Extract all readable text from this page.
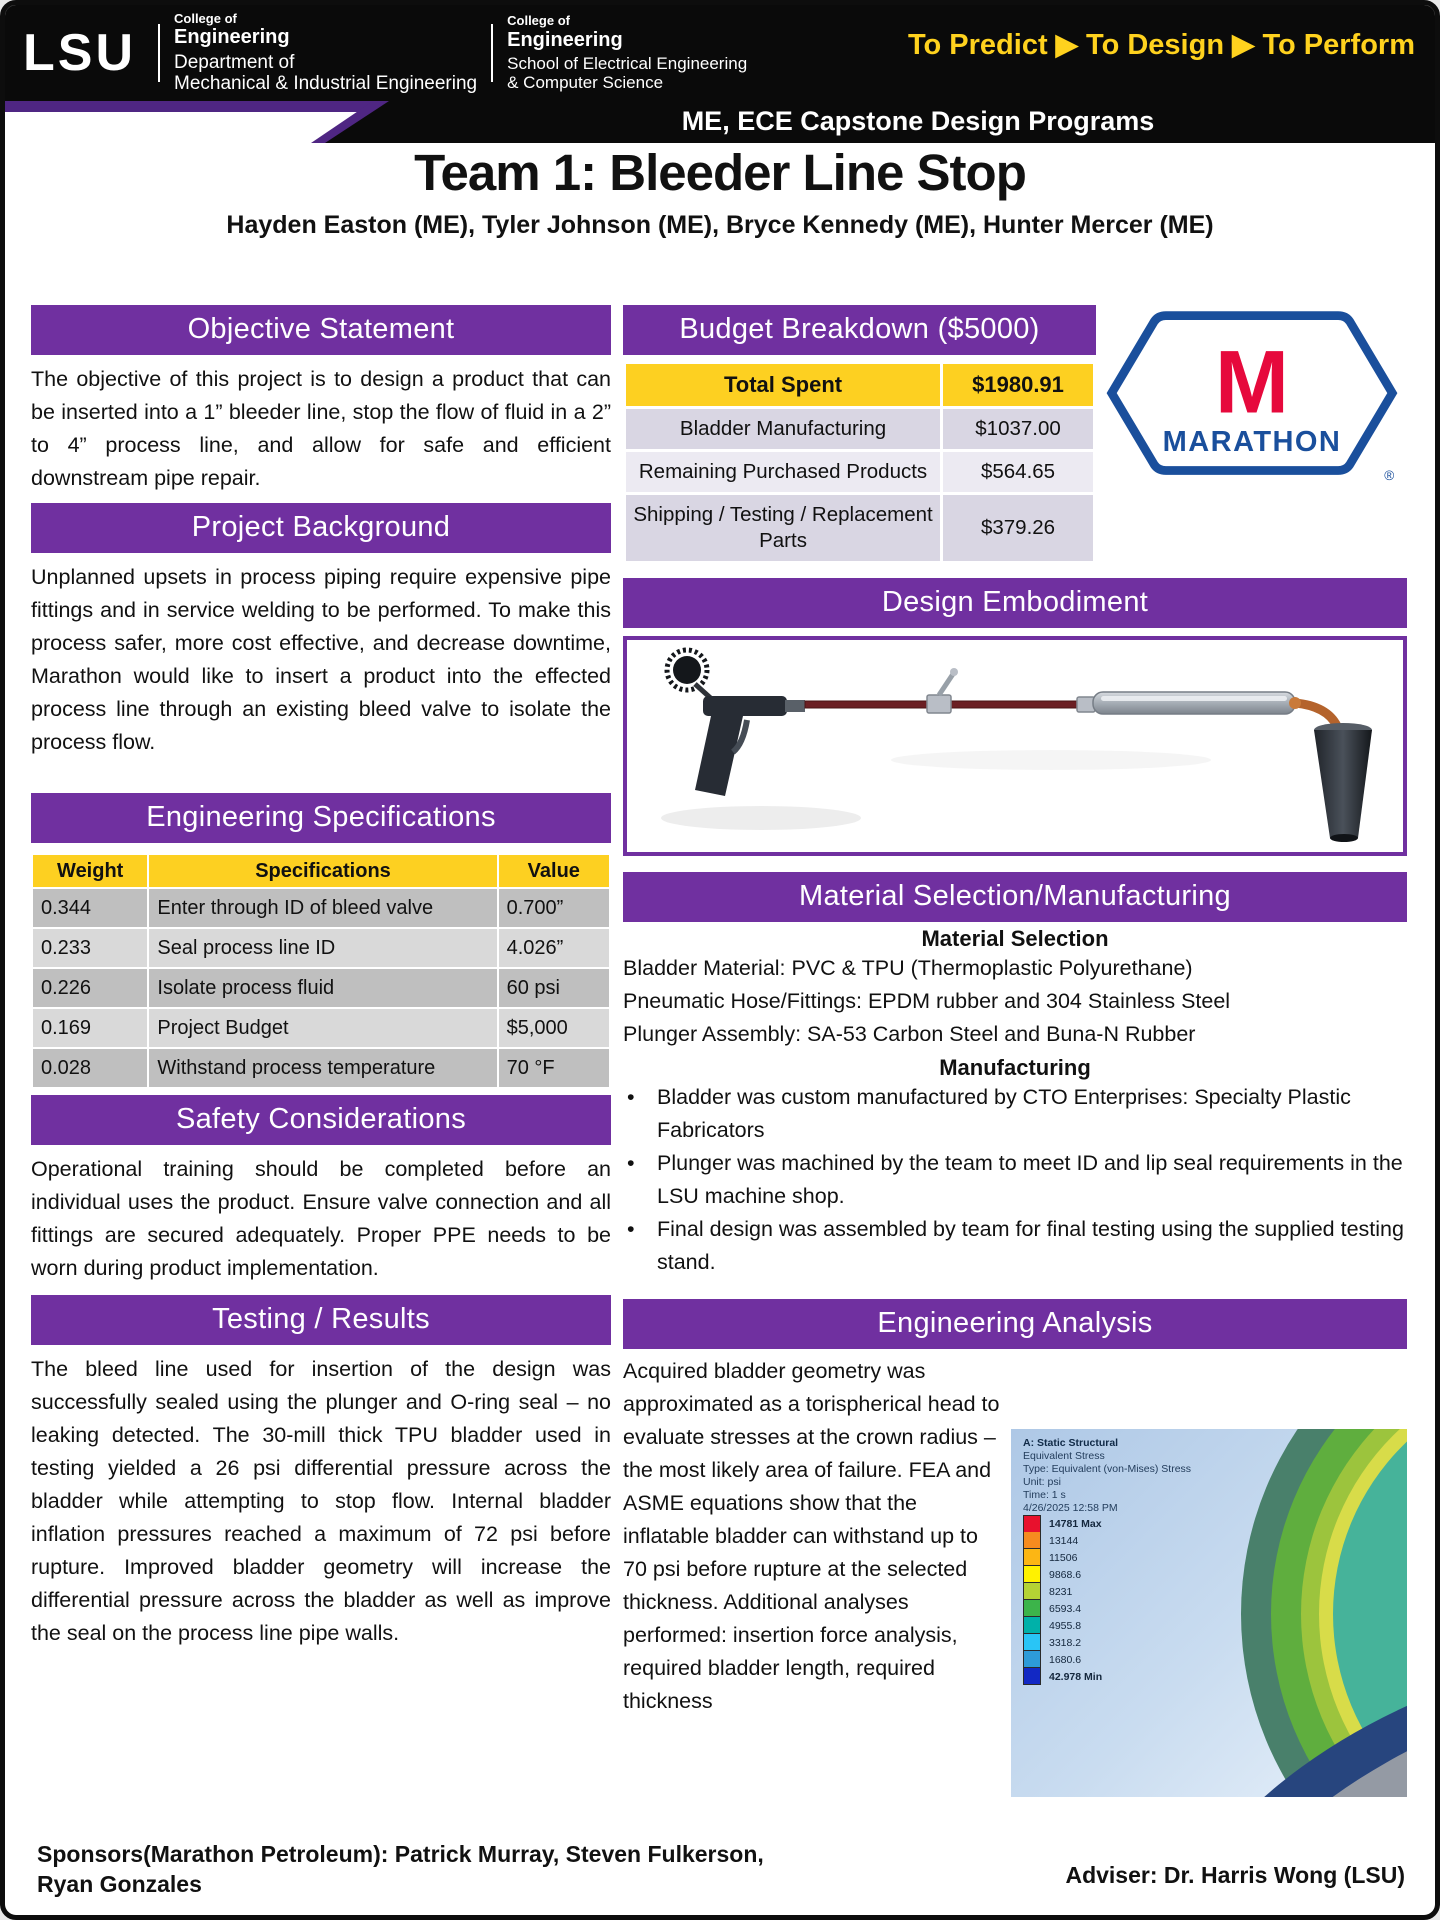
LSU
College of
Engineering
Department of
Mechanical & Industrial Engineering
College of
Engineering
School of Electrical Engineering
& Computer Science
To Predict ▶ To Design ▶ To Perform
ME, ECE Capstone Design Programs
Team 1: Bleeder Line Stop
Hayden Easton (ME), Tyler Johnson (ME), Bryce Kennedy (ME), Hunter Mercer (ME)
Objective Statement

The objective of this project is to design a product that can be inserted into a 1” bleeder line, stop the flow of fluid in a 2” to 4” process line, and allow for safe and efficient downstream pipe repair.

Project Background

Unplanned upsets in process piping require expensive pipe fittings and in service welding to be performed. To make this process safer, more cost effective, and decrease downtime, Marathon would like to insert a product into the effected process line through an existing bleed valve to isolate the process flow.

Engineering Specifications
Weight	Specifications	Value
0.344	Enter through ID of bleed valve	0.700”
0.233	Seal process line ID	4.026”
0.226	Isolate process fluid	60 psi
0.169	Project Budget	$5,000
0.028	Withstand process temperature	70 °F
Safety Considerations

Operational training should be completed before an individual uses the product. Ensure valve connection and all fittings are secured adequately. Proper PPE needs to be worn during product implementation.

Testing / Results

The bleed line used for insertion of the design was successfully sealed using the plunger and O-ring seal – no leaking detected. The 30-mill thick TPU bladder used in testing yielded a 26 psi differential pressure across the bladder while attempting to stop flow. Internal bladder inflation pressures reached a maximum of 72 psi before rupture. Improved bladder geometry will increase the differential pressure across the bladder as well as improve the seal on the process line pipe walls.

Budget Breakdown ($5000)
Total Spent	$1980.91
Bladder Manufacturing	$1037.00
Remaining Purchased Products	$564.65
Shipping / Testing / Replacement Parts	$379.26
M
MARATHON
®
Design Embodiment
Material Selection/Manufacturing
Material Selection
Bladder Material: PVC & TPU (Thermoplastic Polyurethane)
Pneumatic Hose/Fittings: EPDM rubber and 304 Stainless Steel
Plunger Assembly: SA-53 Carbon Steel and Buna-N Rubber
Manufacturing
•	Bladder was custom manufactured by CTO Enterprises: Specialty Plastic Fabricators
•	Plunger was machined by the team to meet ID and lip seal requirements in the LSU machine shop.
•	Final design was assembled by team for final testing using the supplied testing stand.
Engineering Analysis
Acquired bladder geometry was approximated as a torispherical head to evaluate stresses at the crown radius – the most likely area of failure. FEA and ASME equations show that the inflatable bladder can withstand up to 70 psi before rupture at the selected thickness. Additional analyses performed: insertion force analysis, required bladder length, required thickness
A: Static Structural
Equivalent Stress
Type: Equivalent (von-Mises) Stress
Unit: psi
Time: 1 s
4/26/2025 12:58 PM
14781 Max
13144
11506
9868.6
8231
6593.4
4955.8
3318.2
1680.6
42.978 Min
Sponsors(Marathon Petroleum): Patrick Murray, Steven Fulkerson,
Ryan Gonzales	Adviser: Dr. Harris Wong (LSU)
